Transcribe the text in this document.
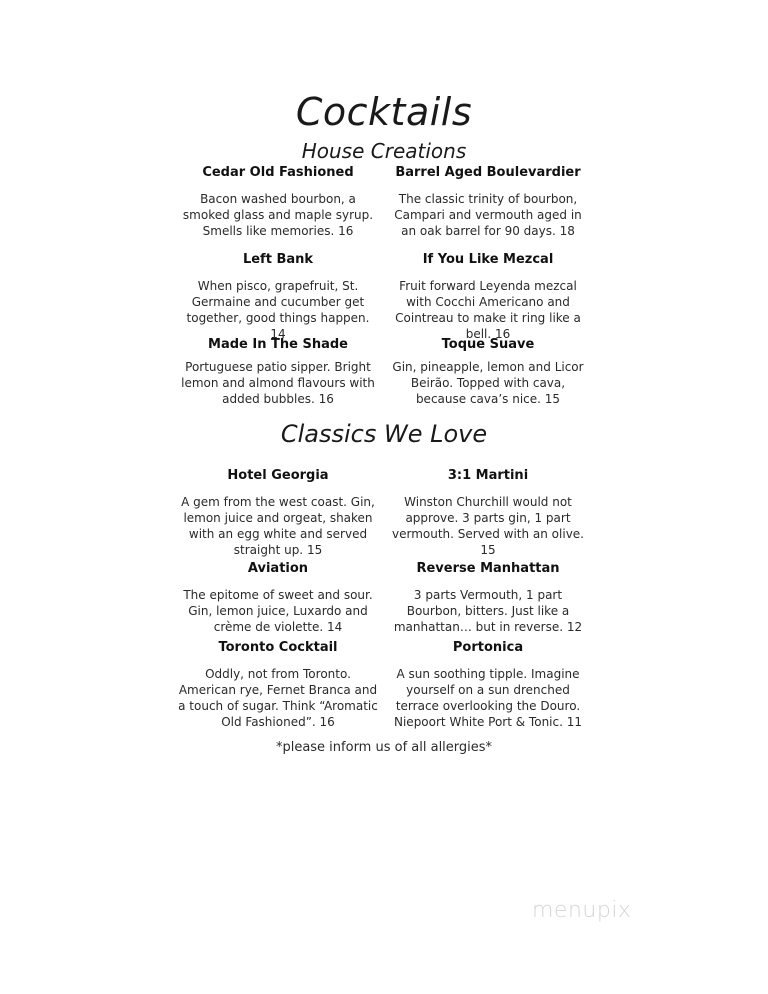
Cocktails
House Creations
Cedar Old Fashioned
Bacon washed bourbon, a smoked glass and maple syrup. Smells like memories. 16
Barrel Aged Boulevardier
The classic trinity of bourbon, Campari and vermouth aged in an oak barrel for 90 days. 18
Left Bank
When pisco, grapefruit, St. Germaine and cucumber get together, good things happen. 14
If You Like Mezcal
Fruit forward Leyenda mezcal with Cocchi Americano and Cointreau to make it ring like a bell. 16
Made In The Shade
Portuguese patio sipper. Bright lemon and almond flavours with added bubbles. 16
Toque Suave
Gin, pineapple, lemon and Licor Beirão. Topped with cava, because cava’s nice. 15
Classics We Love
Hotel Georgia
A gem from the west coast. Gin, lemon juice and orgeat, shaken with an egg white and served straight up. 15
3:1 Martini
Winston Churchill would not approve. 3 parts gin, 1 part vermouth. Served with an olive. 15
Aviation
The epitome of sweet and sour. Gin, lemon juice, Luxardo and crème de violette. 14
Reverse Manhattan
3 parts Vermouth, 1 part Bourbon, bitters. Just like a manhattan… but in reverse. 12
Toronto Cocktail
Oddly, not from Toronto. American rye, Fernet Branca and a touch of sugar. Think “Aromatic Old Fashioned”. 16
Portonica
A sun soothing tipple. Imagine yourself on a sun drenched terrace overlooking the Douro. Niepoort White Port & Tonic. 11
*please inform us of all allergies*
menupix
